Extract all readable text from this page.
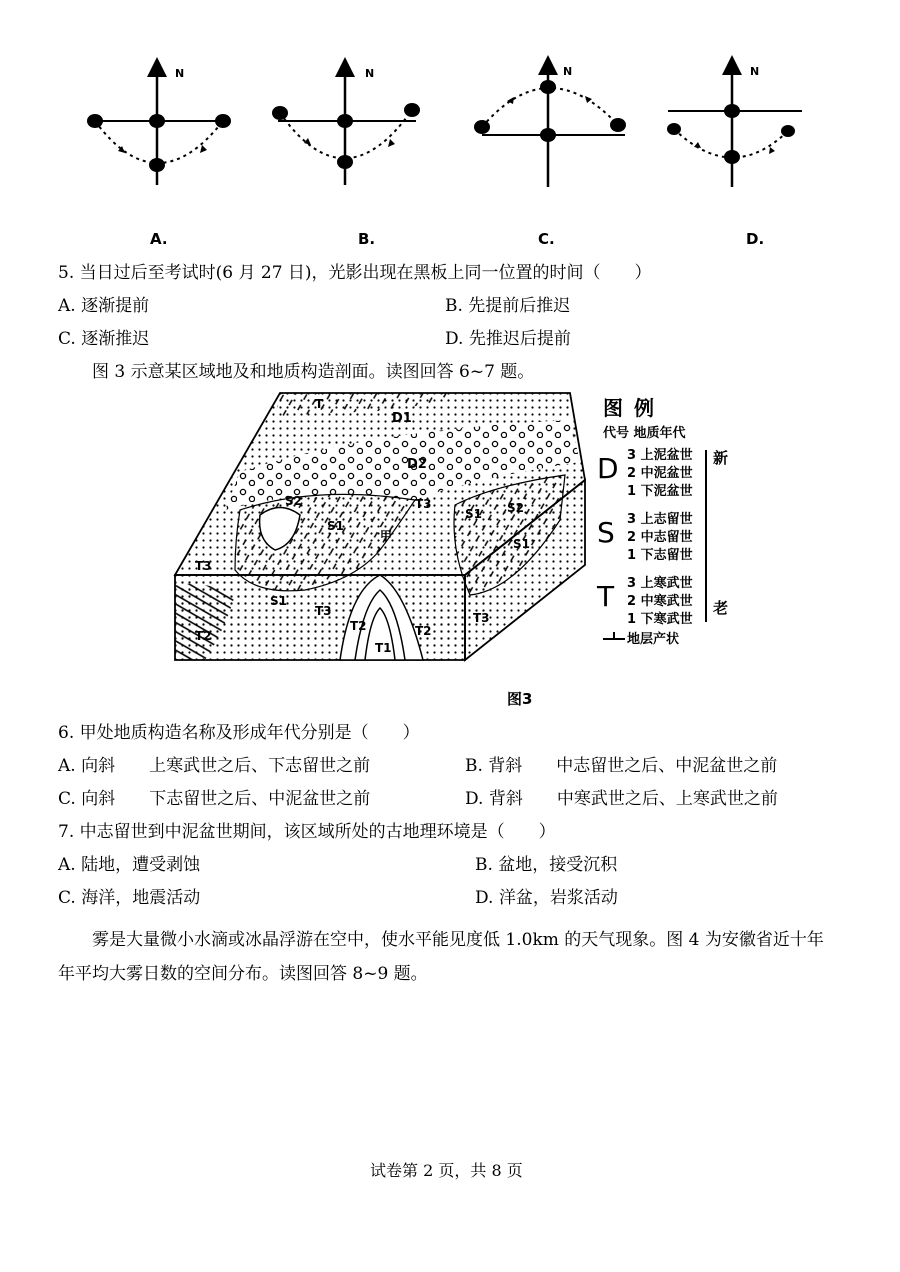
N	N	N	N
A.	B.	C.	D.
5. 当日过后至考试时(6 月 27 日)，光影出现在黑板上同一位置的时间（　　）
A. 逐渐提前	B. 先提前后推迟
C. 逐渐推迟	D. 先推迟后提前
图 3 示意某区域地及和地质构造剖面。读图回答 6~7 题。
T
D1
D2
S2
S1
甲
T3
S1 S2
S1
T3
S1
T3
T2	T2
T1
T3
T2
图 例
代号 地质年代
D 3 上泥盆世
2 中泥盆世
1 下泥盆世
S 3 上志留世
2 中志留世
1 下志留世
T 3 上寒武世
2 中寒武世
1 下寒武世
新
老
地层产状
图3
6. 甲处地质构造名称及形成年代分别是（　　）
A. 向斜　　上寒武世之后、下志留世之前	B. 背斜　　中志留世之后、中泥盆世之前
C. 向斜　　下志留世之后、中泥盆世之前	D. 背斜　　中寒武世之后、上寒武世之前
7. 中志留世到中泥盆世期间，该区域所处的古地理环境是（　　）
A. 陆地，遭受剥蚀	B. 盆地，接受沉积
C. 海洋，地震活动	D. 洋盆，岩浆活动
雾是大量微小水滴或冰晶浮游在空中，使水平能见度低 1.0km 的天气现象。图 4 为安徽省近十年年平均大雾日数的空间分布。读图回答 8~9 题。
试卷第 2 页，共 8 页
